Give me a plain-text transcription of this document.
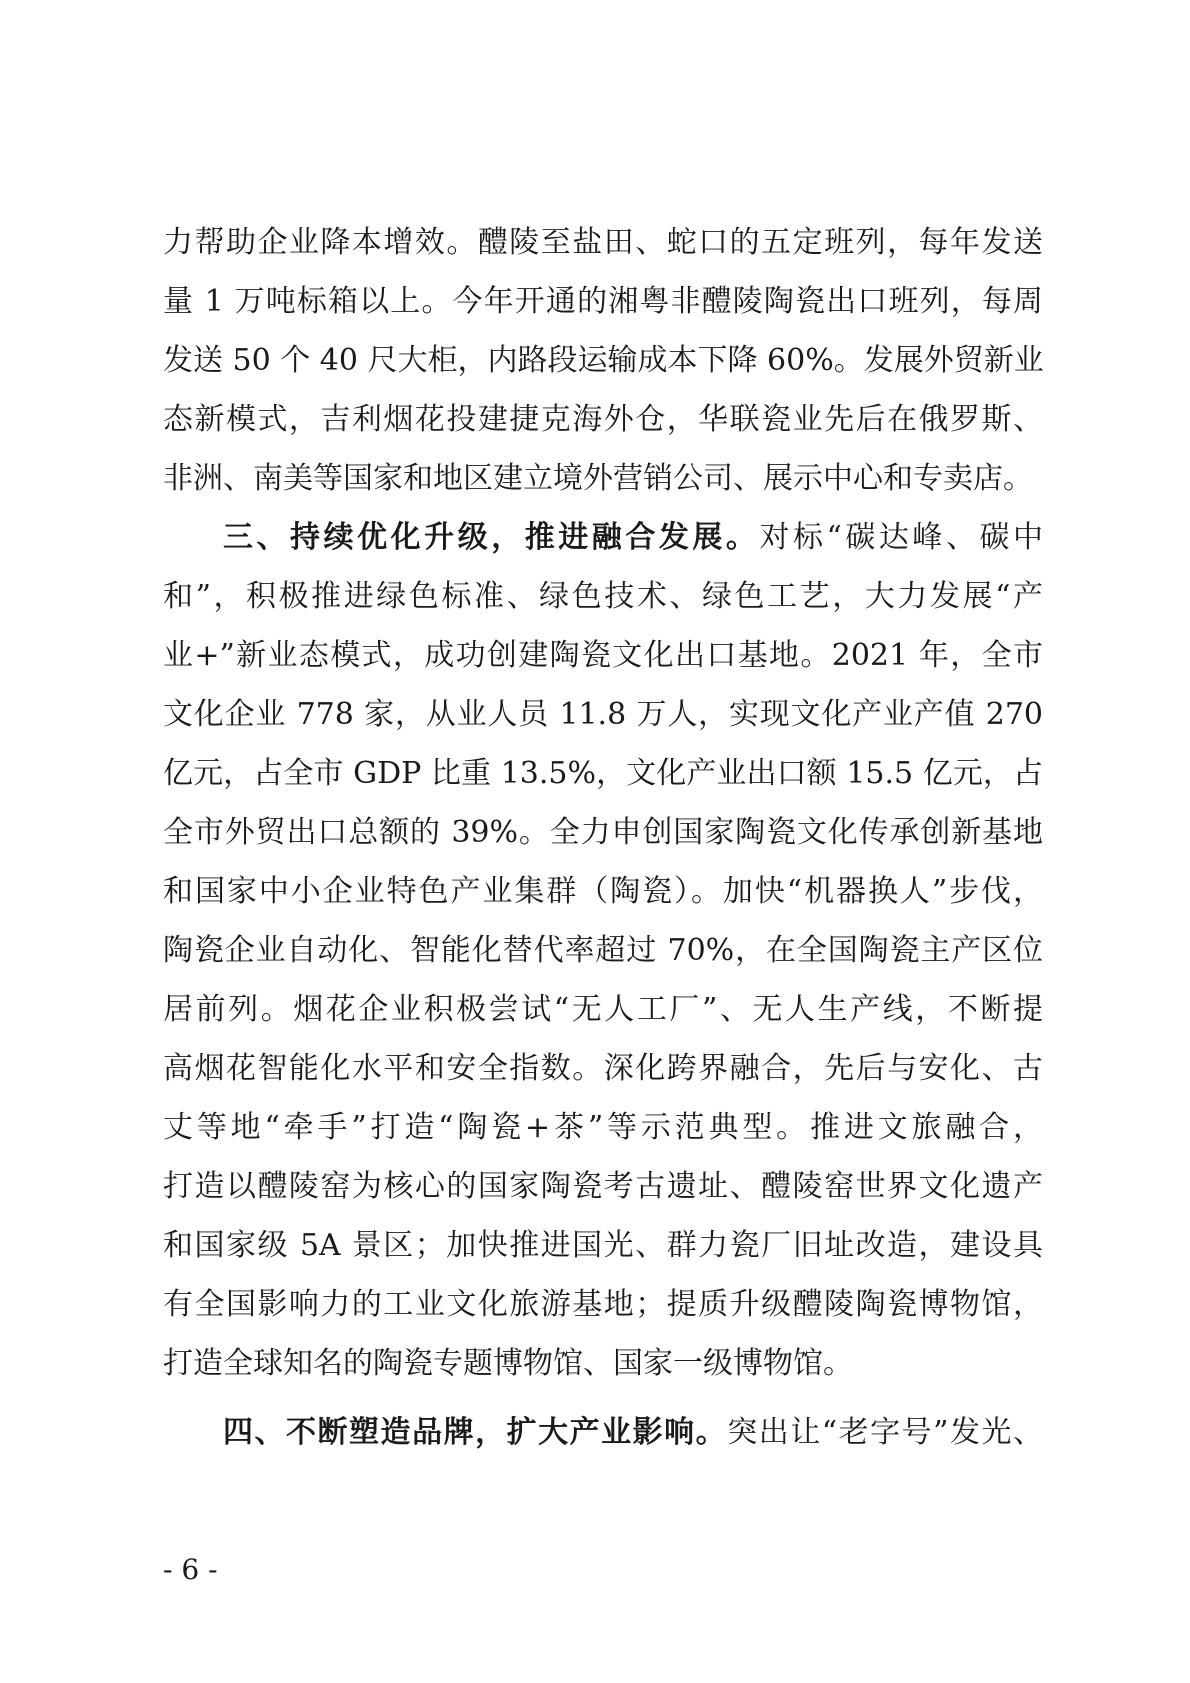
力帮助企业降本增效。醴陵至盐田、蛇口的五定班列，每年发送
量 1 万吨标箱以上。今年开通的湘粤非醴陵陶瓷出口班列，每周
发送 50 个 40 尺大柜，内路段运输成本下降 60%。发展外贸新业
态新模式，吉利烟花投建捷克海外仓，华联瓷业先后在俄罗斯、
非洲、南美等国家和地区建立境外营销公司、展示中心和专卖店。
三、持续优化升级，推进融合发展。对标“碳达峰、碳中
和”，积极推进绿色标准、绿色技术、绿色工艺，大力发展“产
业+”新业态模式，成功创建陶瓷文化出口基地。2021 年，全市
文化企业 778 家，从业人员 11.8 万人，实现文化产业产值 270
亿元，占全市 GDP 比重 13.5%，文化产业出口额 15.5 亿元，占
全市外贸出口总额的 39%。全力申创国家陶瓷文化传承创新基地
和国家中小企业特色产业集群（陶瓷）。加快“机器换人”步伐，
陶瓷企业自动化、智能化替代率超过 70%，在全国陶瓷主产区位
居前列。烟花企业积极尝试“无人工厂”、无人生产线，不断提
高烟花智能化水平和安全指数。深化跨界融合，先后与安化、古
丈等地“牵手”打造“陶瓷+茶”等示范典型。推进文旅融合，
打造以醴陵窑为核心的国家陶瓷考古遗址、醴陵窑世界文化遗产
和国家级 5A 景区；加快推进国光、群力瓷厂旧址改造，建设具
有全国影响力的工业文化旅游基地；提质升级醴陵陶瓷博物馆，
打造全球知名的陶瓷专题博物馆、国家一级博物馆。
四、不断塑造品牌，扩大产业影响。突出让“老字号”发光、
- 6 -
